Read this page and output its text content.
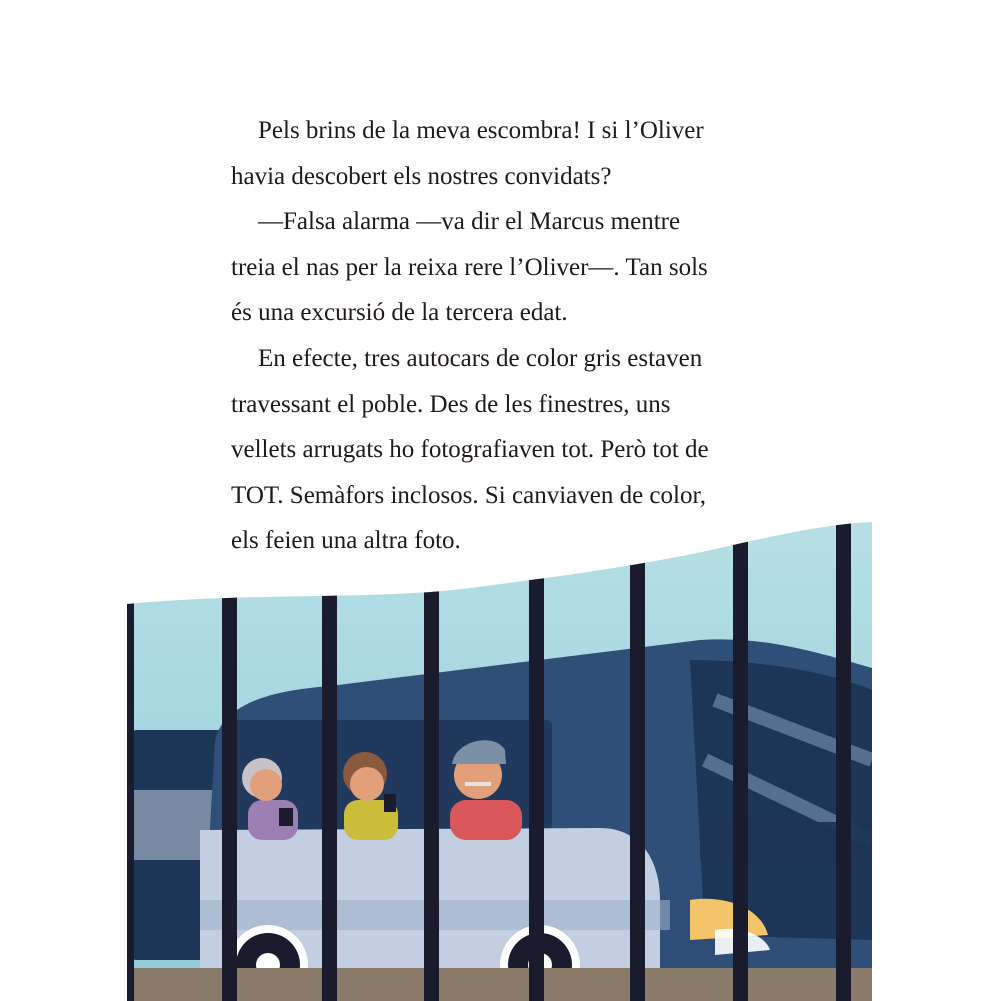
Pels brins de la meva escombra! I si l’Oliver
havia descobert els nostres convidats?

—Falsa alarma —va dir el Marcus mentre
treia el nas per la reixa rere l’Oliver—. Tan sols
és una excursió de la tercera edat.

En efecte, tres autocars de color gris estaven
travessant el poble. Des de les finestres, uns
vellets arrugats ho fotografiaven tot. Però tot de
TOT. Semàfors inclosos. Si canviaven de color,
els feien una altra foto.
